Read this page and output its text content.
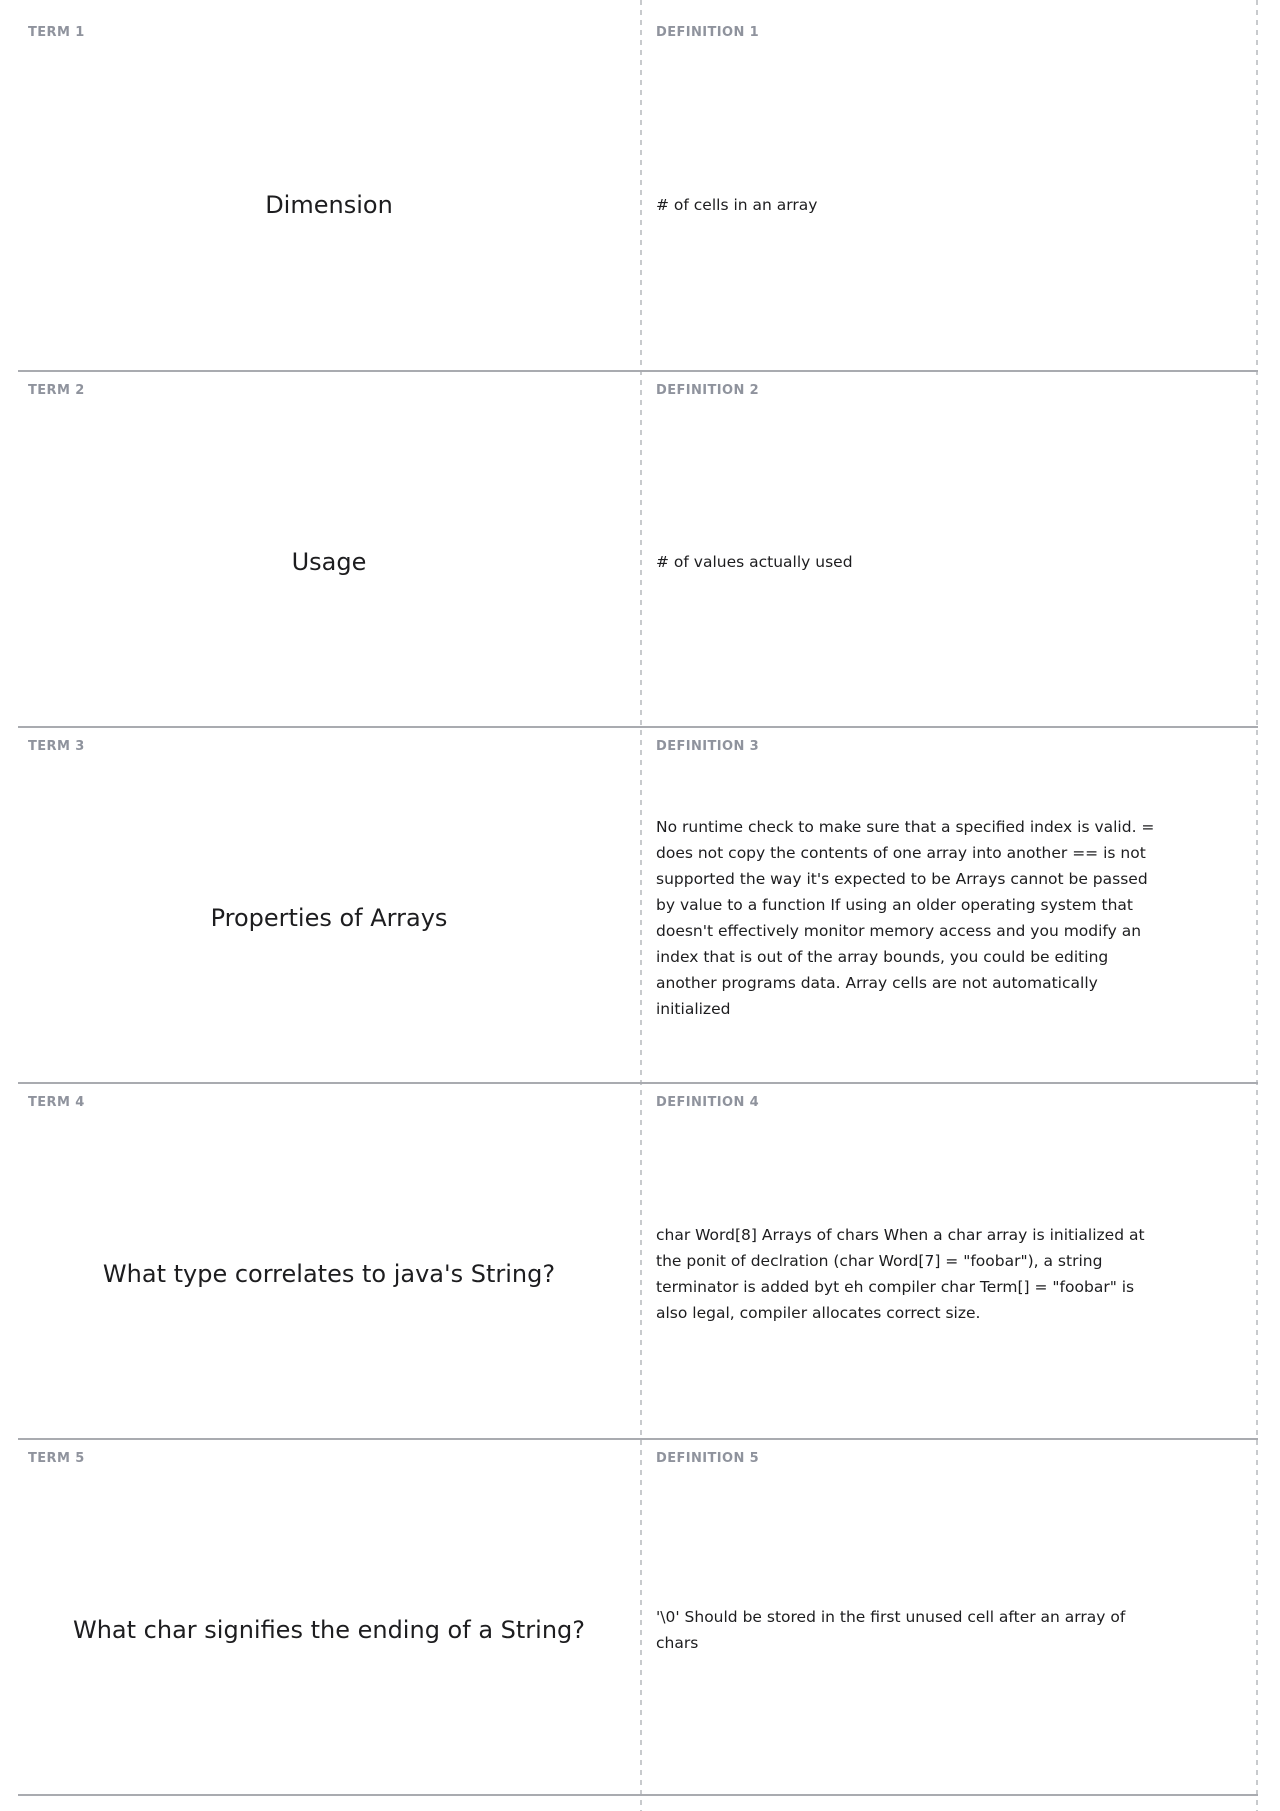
TERM 1
Dimension
DEFINITION 1
# of cells in an array
TERM 2
Usage
DEFINITION 2
# of values actually used
TERM 3
Properties of Arrays
DEFINITION 3
No runtime check to make sure that a specified index is valid. = does not copy the contents of one array into another == is not supported the way it's expected to be Arrays cannot be passed by value to a function If using an older operating system that doesn't effectively monitor memory access and you modify an index that is out of the array bounds, you could be editing another programs data. Array cells are not automatically initialized
TERM 4
What type correlates to java's String?
DEFINITION 4
char Word[8] Arrays of chars When a char array is initialized at the ponit of declration (char Word[7] = "foobar"), a string terminator is added byt eh compiler char Term[] = "foobar" is also legal, compiler allocates correct size.
TERM 5
What char signifies the ending of a String?
DEFINITION 5
'\0' Should be stored in the first unused cell after an array of chars
